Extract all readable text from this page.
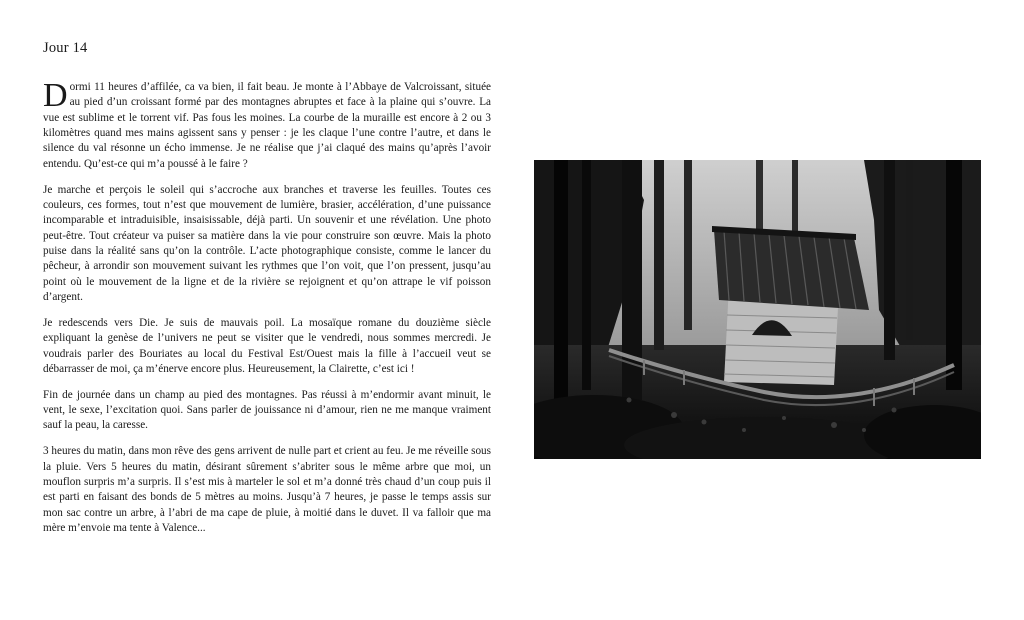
Jour 14

Dormi 11 heures d’affilée, ca va bien, il fait beau. Je monte à l’Abbaye de Valcroissant, située au pied d’un croissant formé par des montagnes abruptes et face à la plaine qui s’ouvre. La vue est sublime et le torrent vif. Pas fous les moines. La courbe de la muraille est encore à 2 ou 3 kilomètres quand mes mains agissent sans y penser : je les claque l’une contre l’autre, et dans le silence du val résonne un écho immense. Je ne réalise que j’ai claqué des mains qu’après l’avoir entendu. Qu’est-ce qui m’a poussé à le faire ?

Je marche et perçois le soleil qui s’accroche aux branches et traverse les feuilles. Toutes ces couleurs, ces formes, tout n’est que mouvement de lumière, brasier, accélération, d’une puissance incomparable et intraduisible, insaisissable, déjà parti. Un souvenir et une révélation. Une photo peut-être. Tout créateur va puiser sa matière dans la vie pour construire son œuvre. Mais la photo puise dans la réalité sans qu’on la contrôle. L’acte photographique consiste, comme le lancer du pêcheur, à arrondir son mouvement suivant les rythmes que l’on voit, que l’on pressent, jusqu’au point où le mouvement de la ligne et de la rivière se rejoignent et qu’on attrape le vif poisson d’argent.

Je redescends vers Die. Je suis de mauvais poil. La mosaïque romane du douzième siècle expliquant la genèse de l’univers ne peut se visiter que le vendredi, nous sommes mercredi. Je voudrais parler des Bouriates au local du Festival Est/Ouest mais la fille à l’accueil veut se débarrasser de moi, ça m’énerve encore plus. Heureusement, la Clairette, c’est ici !

Fin de journée dans un champ au pied des montagnes. Pas réussi à m’endormir avant minuit, le vent, le sexe, l’excitation quoi. Sans parler de jouissance ni d’amour, rien ne me manque vraiment sauf la peau, la caresse.

3 heures du matin, dans mon rêve des gens arrivent de nulle part et crient au feu. Je me réveille sous la pluie. Vers 5 heures du matin, désirant sûrement s’abriter sous le même arbre que moi, un mouflon surpris m’a surpris. Il s’est mis à marteler le sol et m’a donné très chaud d’un coup puis il est parti en faisant des bonds de 5 mètres au moins. Jusqu’à 7 heures, je passe le temps assis sur mon sac contre un arbre, à l’abri de ma cape de pluie, à moitié dans le duvet. Il va falloir que ma mère m’envoie ma tente à Valence...
